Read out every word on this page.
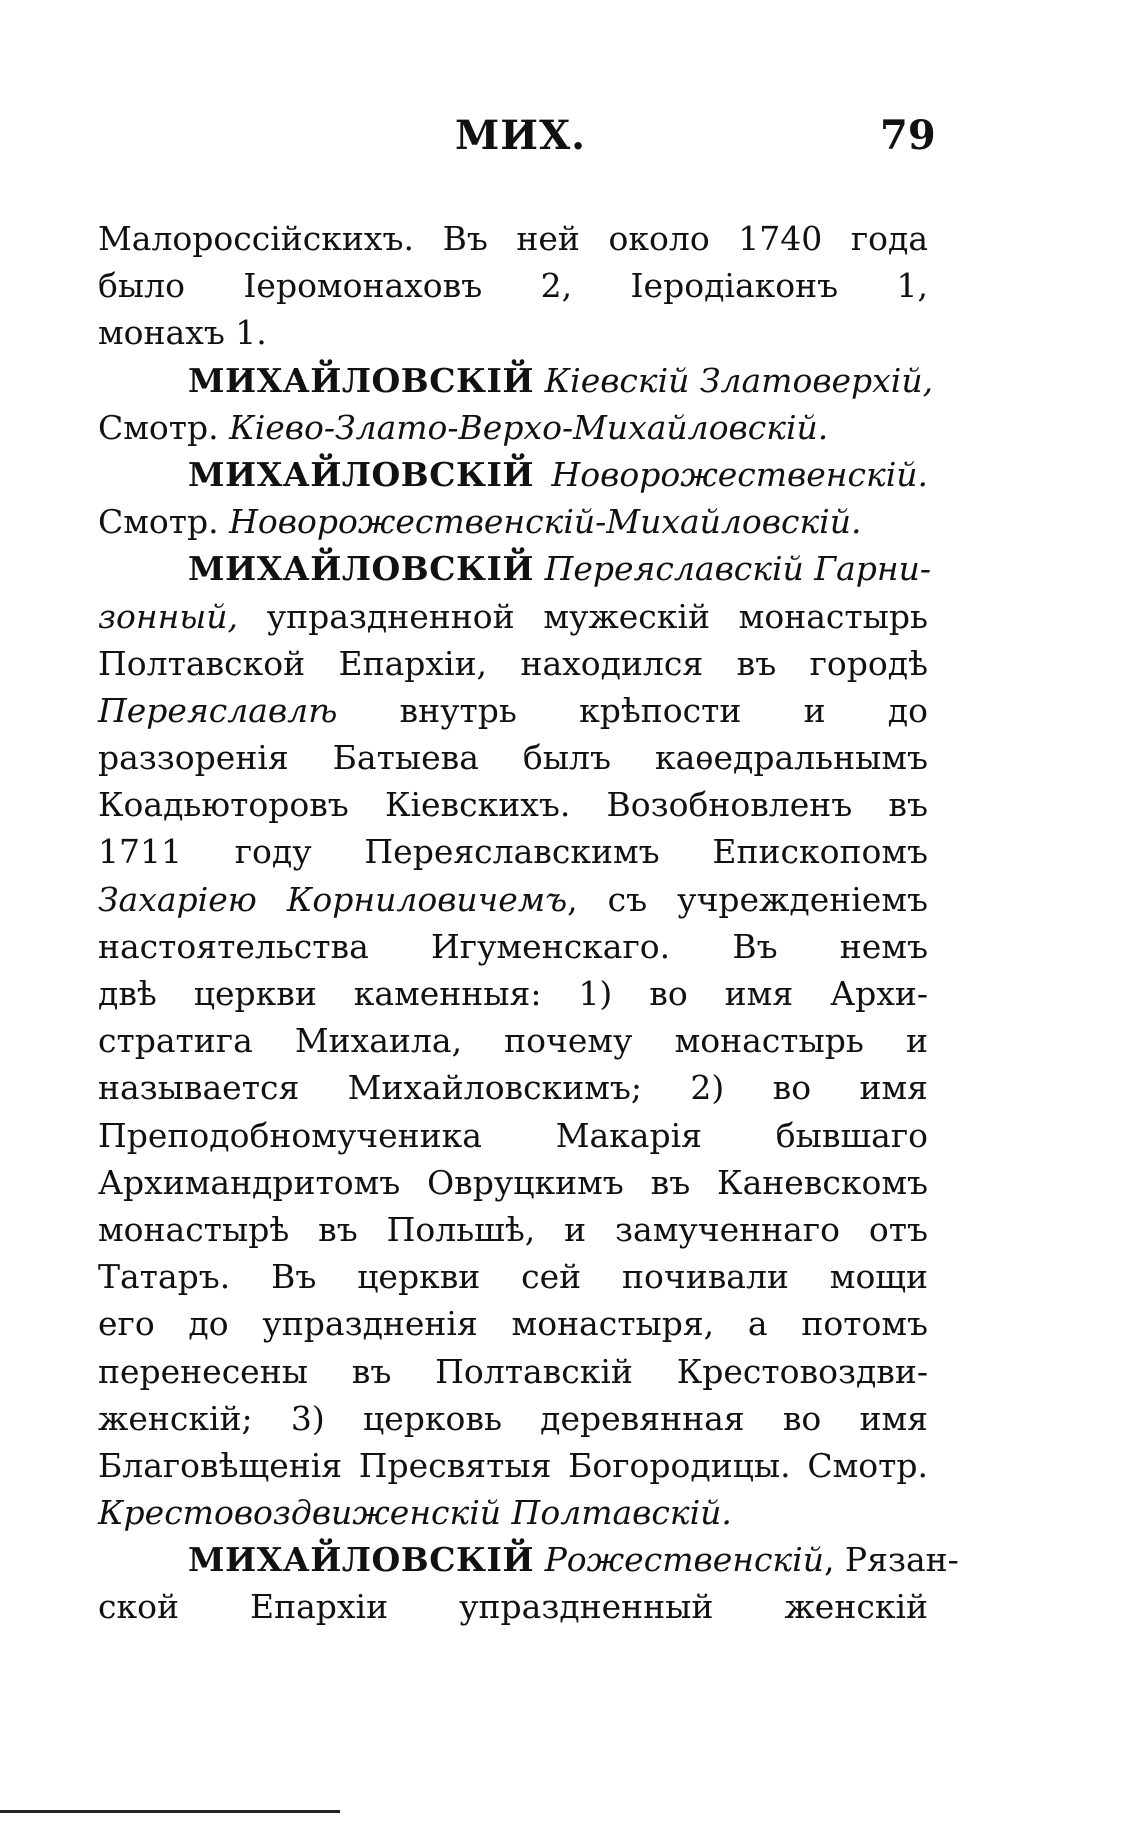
МИХ.	79
Малороссiйскихъ. Въ ней около 1740 года
было Iеромонаховъ 2, Iеродiаконъ 1,
монахъ 1.
МИХАЙЛОВСКIЙ Кiевскiй Златоверхiй,
Смотр. Кiево-Злато-Верхо-Михайловскiй.
МИХАЙЛОВСКIЙ Новорожественскiй.
Смотр. Новорожественскiй-Михайловскiй.
МИХАЙЛОВСКIЙ Переяславскiй Гарни-
зонный, упраздненной мужескiй монастырь
Полтавской Епархiи, находился въ городѣ
Переяславлѣ внутрь крѣпости и до
раззоренiя Батыева былъ каѳедральнымъ
Коадьюторовъ Кiевскихъ. Возобновленъ въ
1711 году Переяславскимъ Епископомъ
Захарiею Корниловичемъ, съ учрежденiемъ
настоятельства Игуменскаго. Въ немъ
двѣ церкви каменныя: 1) во имя Архи-
стратига Михаила, почему монастырь и
называется Михайловскимъ; 2) во имя
Преподобномученика Макарiя бывшаго
Архимандритомъ Овруцкимъ въ Каневскомъ
монастырѣ въ Польшѣ, и замученнаго отъ
Татаръ. Въ церкви сей почивали мощи
его до упраздненiя монастыря, а потомъ
перенесены въ Полтавскiй Крестовоздви-
женскiй; 3) церковь деревянная во имя
Благовѣщенiя Пресвятыя Богородицы. Смотр.
Крестовоздвиженскiй Полтавскiй.
МИХАЙЛОВСКIЙ Рожественскiй, Рязан-
ской Епархiи упраздненный женскiй
